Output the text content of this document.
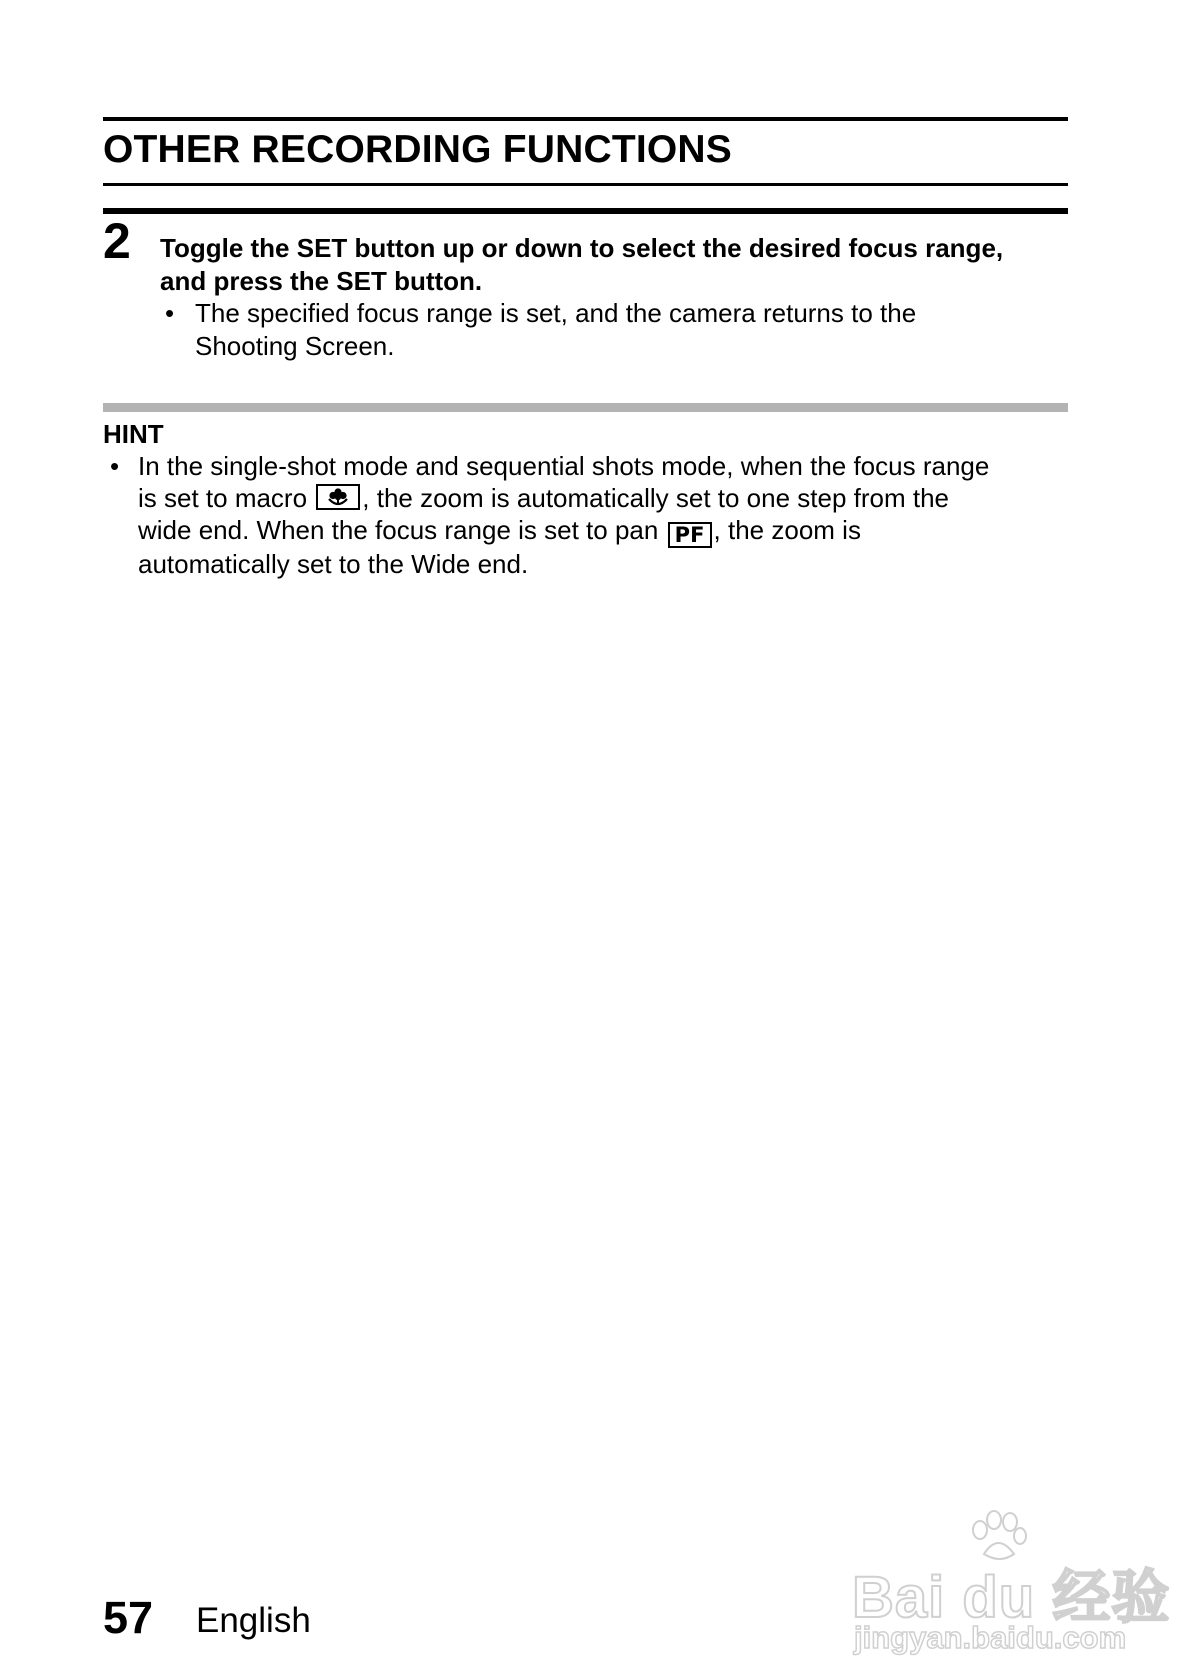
OTHER RECORDING FUNCTIONS
2 Toggle the SET button up or down to select the desired focus range,
and press the SET button.
• The specified focus range is set, and the camera returns to the
Shooting Screen.
HINT
• In the single-shot mode and sequential shots mode, when the focus range
is set to macro
, the zoom is automatically set to one step from the
wide end. When the focus range is set to pan PF , the zoom is
automatically set to the Wide end.
57 English	Bai du 经验
jingyan.baidu.com
